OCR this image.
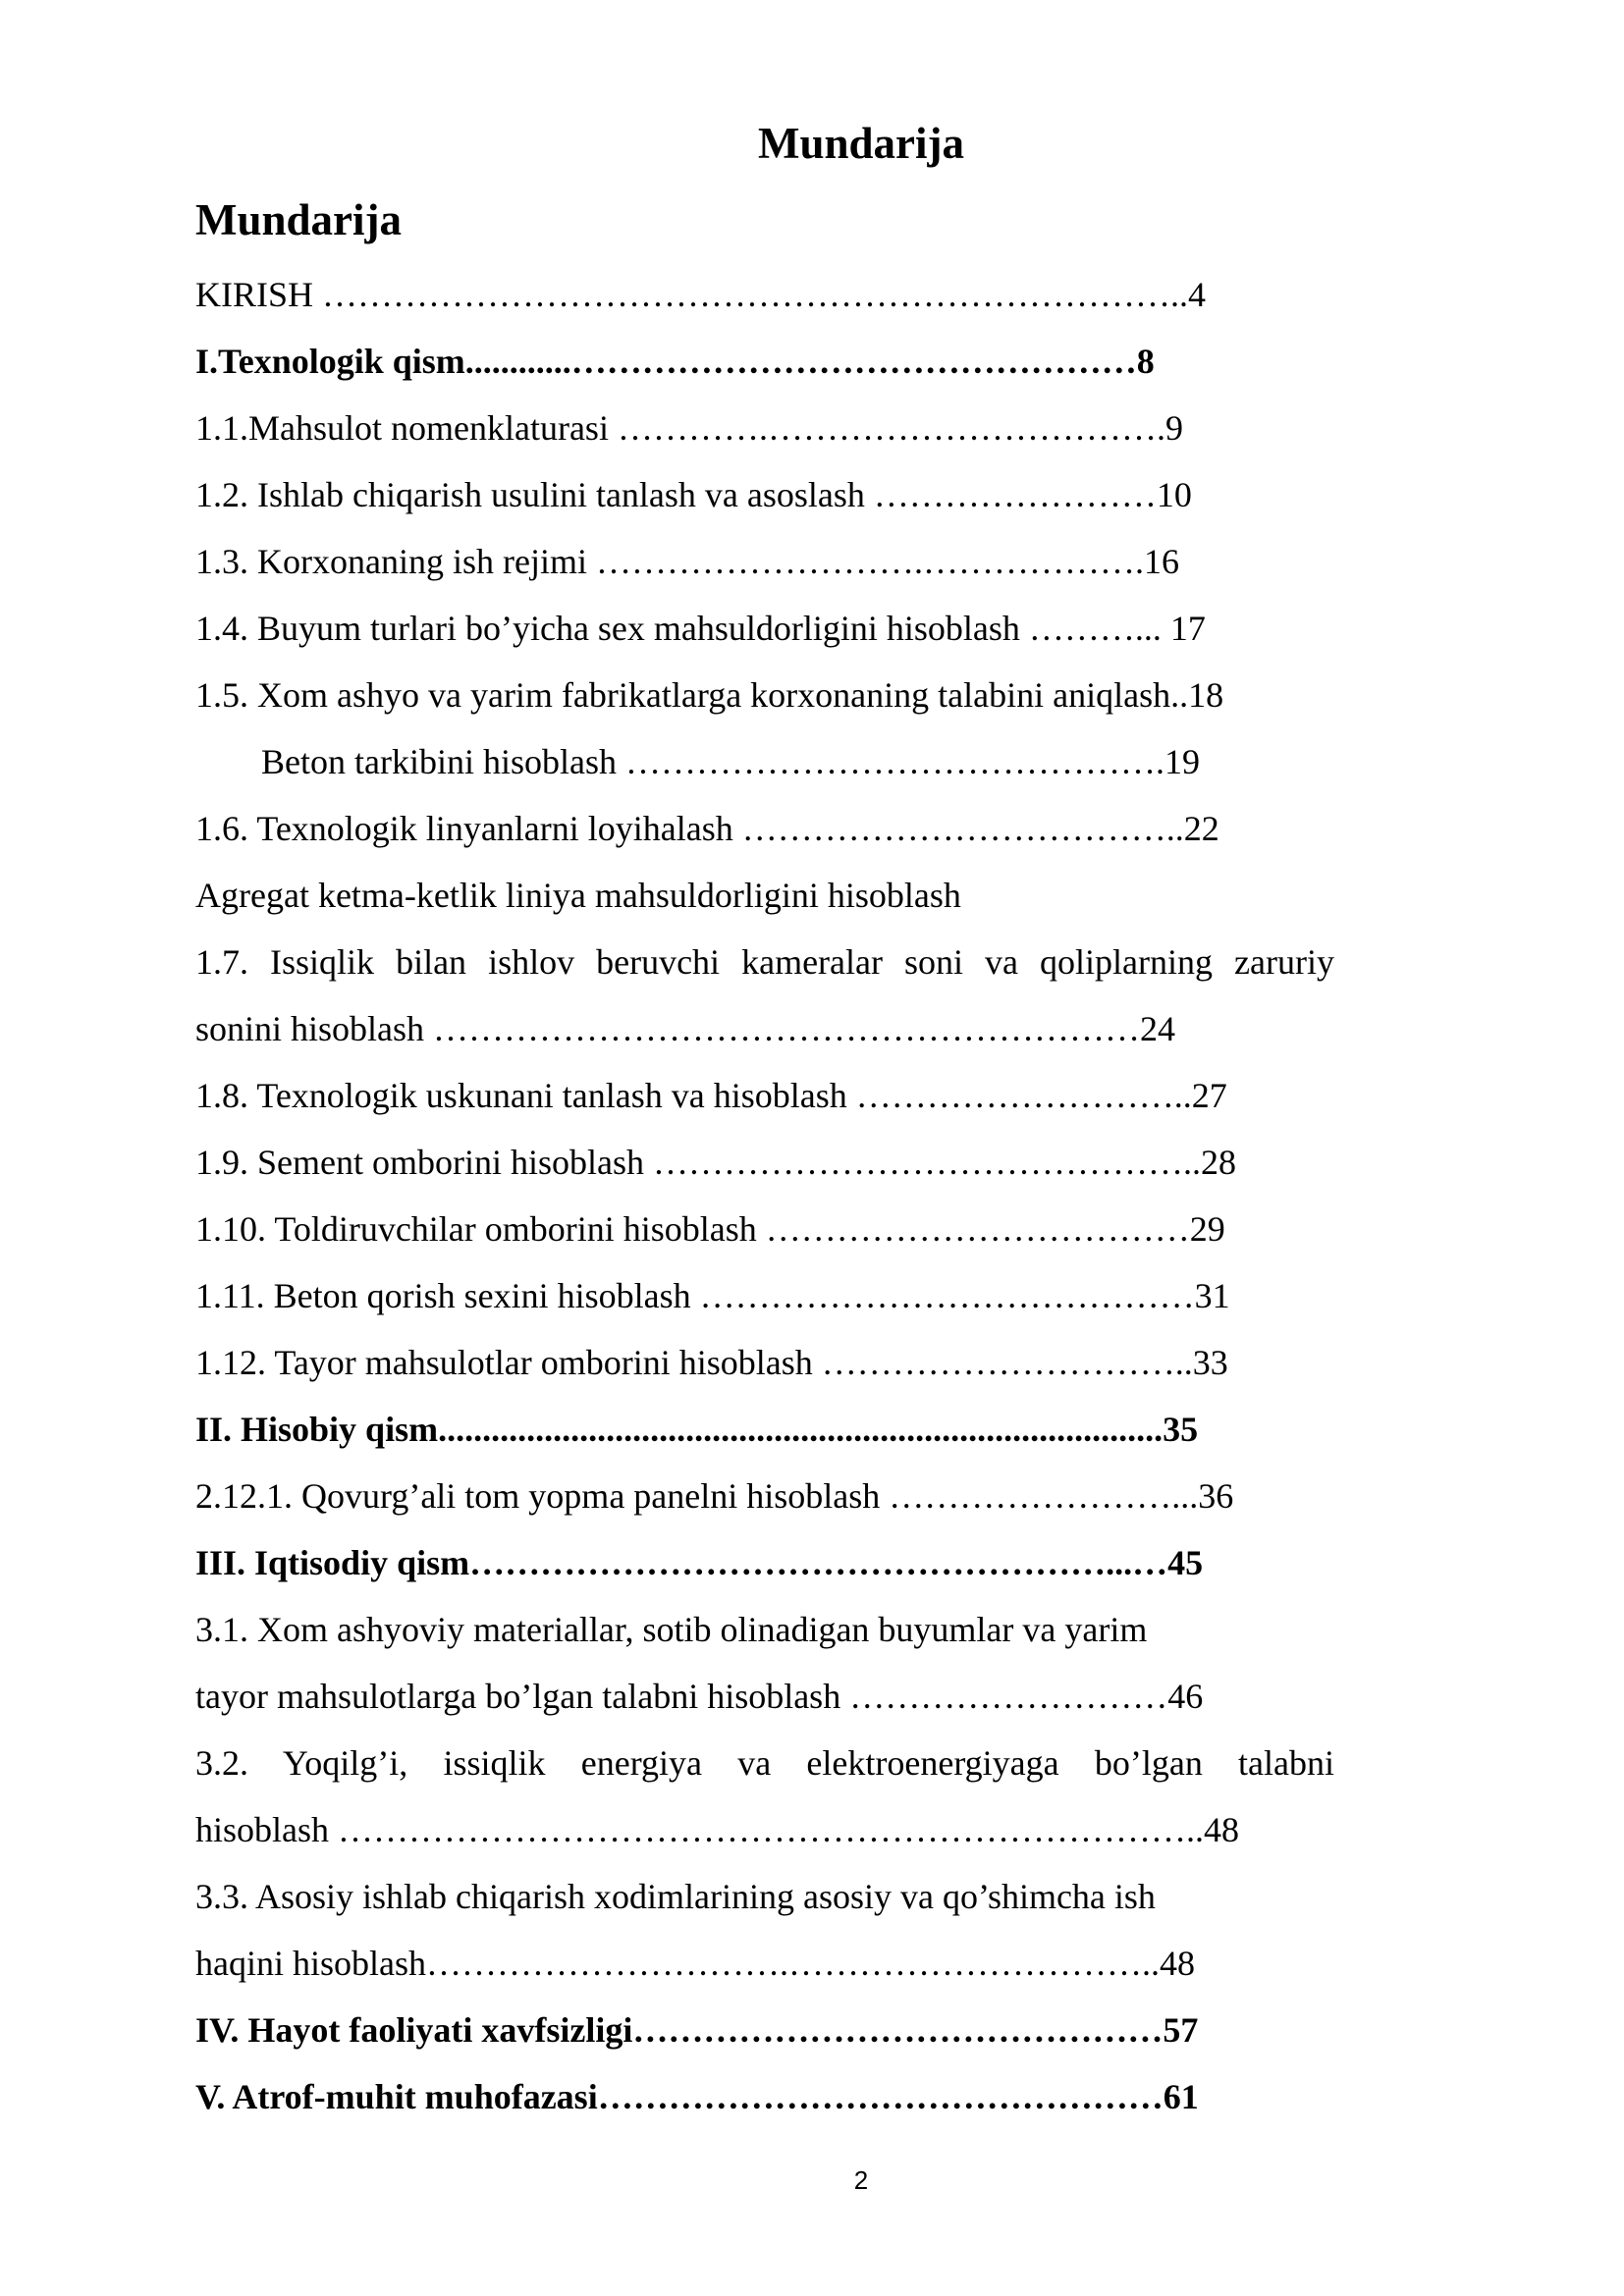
Mundarija
Mundarija
KIRISH ………………………………………………………………..4
I.Texnologik qism............…………………………………………8
1.1.Mahsulot nomenklaturasi ………….…………………………….9
1.2. Ishlab chiqarish usulini tanlash va asoslash ……………………10
1.3. Korxonaning ish rejimi ……………………….……………….16
1.4. Buyum turlari bo’yicha sex mahsuldorligini hisoblash ………... 17
1.5. Xom ashyo va yarim fabrikatlarga korxonaning talabini aniqlash..18
Beton tarkibini hisoblash ……………………………………….19
1.6. Texnologik linyanlarni loyihalash ………………………………..22
Agregat ketma-ketlik liniya mahsuldorligini hisoblash
1.7. Issiqlik bilan ishlov beruvchi kameralar soni va qoliplarning zaruriy
sonini hisoblash ……………………………………………………24
1.8. Texnologik uskunani tanlash va hisoblash ………………………..27
1.9. Sement omborini hisoblash ………………………………………..28
1.10. Toldiruvchilar omborini hisoblash ………………………………29
1.11. Beton qorish sexini hisoblash ……………………………………31
1.12. Tayor mahsulotlar omborini hisoblash …………………………..33
II. Hisobiy qism..................................................................................35
2.12.1. Qovurg’ali tom yopma panelni hisoblash ……………………...36
III. Iqtisodiy qism………………………………………………...…45
3.1. Xom ashyoviy materiallar, sotib olinadigan buyumlar va yarim
tayor mahsulotlarga bo’lgan talabni hisoblash ………………………46
3.2. Yoqilg’i, issiqlik energiya va elektroenergiyaga bo’lgan talabni
hisoblash ………………………………………………………………..48
3.3. Asosiy ishlab chiqarish xodimlarining asosiy va qo’shimcha ish
haqini hisoblash………………………….…………………………..48
IV. Hayot faoliyati xavfsizligi………………………………………57
V. Atrof-muhit muhofazasi…………………………………………61
2
